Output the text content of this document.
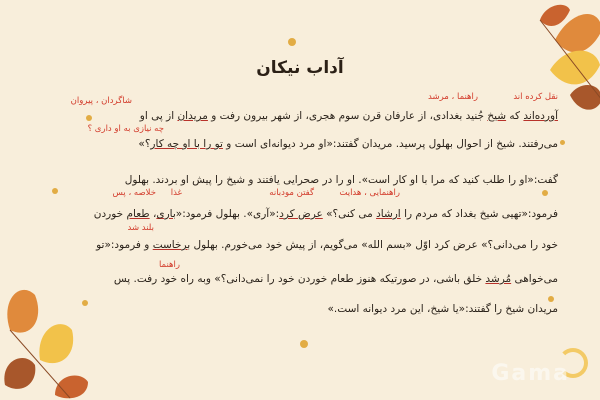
آداب نیکان
نقل کرده اند
راهنما ، مرشد
شاگردان ، پیروان
چه نیازی به او داری ؟
خلاصه ، پس غذا	گفتن مودبانه	راهنمایی ، هدایت
بلند شد
راهنما
آورده‌اند که شیخ جُنید بغدادی، از عارفان قرن سوم هجری، از شهر بیرون رفت و مریدان از پی او
می‌رفتند. شیخ از احوال بهلول پرسید. مریدان گفتند:«او مرد دیوانه‌ای است و تو را با او چه کار؟»
گفت:«او را طلب کنید که مرا با او کار است». او را در صحرایی یافتند و شیخ را پیش او بردند. بهلول
فرمود:«تهیی شیخ بغداد که مردم را ارشاد می کنی؟» عرض کرد:«آری». بهلول فرمود:«باری، طعام خوردن
خود را می‌دانی؟» عرض کرد اوّل «بسم الله» می‌گویم، از پیش خود می‌خورم. بهلول برخاست و فرمود:«تو
می‌خواهی مُرشد خلق باشی، در صورتیکه هنوز طعام خوردن خود را نمی‌دانی؟» وبه راه خود رفت. پس
مریدان شیخ را گفتند:«یا شیخ، این مرد دیوانه است.»
Gama
